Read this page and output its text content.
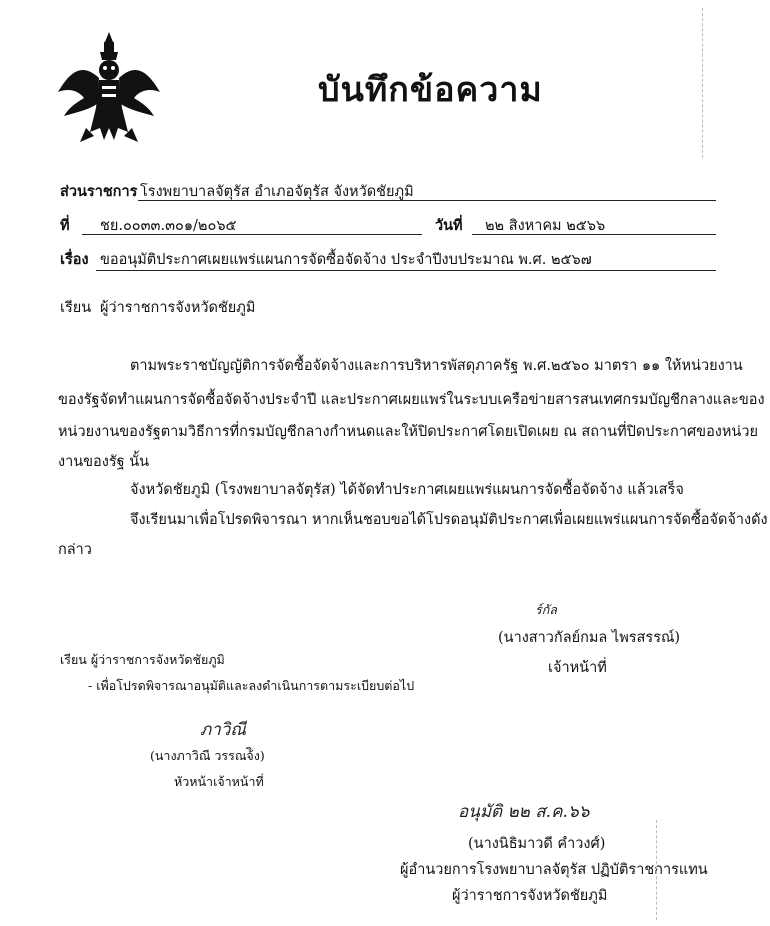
บันทึกข้อความ
ส่วนราชการ โรงพยาบาลจัตุรัส อำเภอจัตุรัส จังหวัดชัยภูมิ
ที่ ชย.๐๐๓๓.๓๐๑/๒๐๖๕	วันที่ ๒๒ สิงหาคม ๒๕๖๖
เรื่อง ขออนุมัติประกาศเผยแพร่แผนการจัดซื้อจัดจ้าง ประจำปีงบประมาณ พ.ศ. ๒๕๖๗
เรียน ผู้ว่าราชการจังหวัดชัยภูมิ
ตามพระราชบัญญัติการจัดซื้อจัดจ้างและการบริหารพัสดุภาครัฐ พ.ศ.๒๕๖๐ มาตรา ๑๑ ให้หน่วยงาน
ของรัฐจัดทำแผนการจัดซื้อจัดจ้างประจำปี และประกาศเผยแพร่ในระบบเครือข่ายสารสนเทศกรมบัญชีกลางและของ
หน่วยงานของรัฐตามวิธีการที่กรมบัญชีกลางกำหนดและให้ปิดประกาศโดยเปิดเผย ณ สถานที่ปิดประกาศของหน่วย
งานของรัฐ นั้น
จังหวัดชัยภูมิ (โรงพยาบาลจัตุรัส) ได้จัดทำประกาศเผยแพร่แผนการจัดซื้อจัดจ้าง แล้วเสร็จ
จึงเรียนมาเพื่อโปรดพิจารณา หากเห็นชอบขอได้โปรดอนุมัติประกาศเพื่อเผยแพร่แผนการจัดซื้อจัดจ้างดัง
กล่าว
ร์กัล
(นางสาวกัลย์กมล ไพรสรรณ์)
เจ้าหน้าที่
เรียน ผู้ว่าราชการจังหวัดชัยภูมิ
- เพื่อโปรดพิจารณาอนุมัติและลงดำเนินการตามระเบียบต่อไป
ภาวิณี
(นางภาวิณี วรรณจ้ิง)
หัวหน้าเจ้าหน้าที่
อนุมัติ ๒๒ ส.ค.๖๖
(นางนิธิมาวดี คำวงศ์)
ผู้อำนวยการโรงพยาบาลจัตุรัส ปฏิบัติราชการแทน
ผู้ว่าราชการจังหวัดชัยภูมิ
